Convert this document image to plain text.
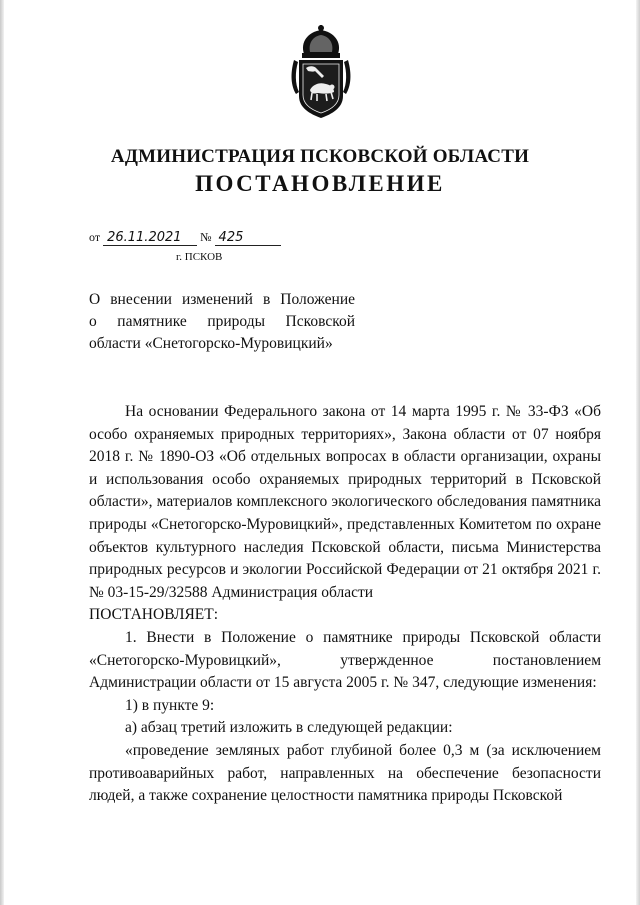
АДМИНИСТРАЦИЯ ПСКОВСКОЙ ОБЛАСТИ
ПОСТАНОВЛЕНИЕ
от 26.11.2021 № 425
г. ПСКОВ

О внесении изменений в Положение

о памятнике природы Псковской

области «Снетогорско-Муровицкий»

На основании Федерального закона от 14 марта 1995 г. № 33-ФЗ «Об особо охраняемых природных территориях», Закона области от 07 ноября 2018 г. № 1890-ОЗ «Об отдельных вопросах в области организации, охраны и использования особо охраняемых природных территорий в Псковской области», материалов комплексного экологического обследования памятника природы «Снетогорско-Муровицкий», представленных Комитетом по охране объектов культурного наследия Псковской области, письма Министерства природных ресурсов и экологии Российской Федерации от 21 октября 2021 г. № 03-15-29/32588 Администрация области

ПОСТАНОВЛЯЕТ:

1. Внести в Положение о памятнике природы Псковской области «Снетогорско-Муровицкий», утвержденное постановлением Администрации области от 15 августа 2005 г. № 347, следующие изменения:

1) в пункте 9:

а) абзац третий изложить в следующей редакции:

«проведение земляных работ глубиной более 0,3 м (за исключением противоаварийных работ, направленных на обеспечение безопасности людей, а также сохранение целостности памятника природы Псковской
